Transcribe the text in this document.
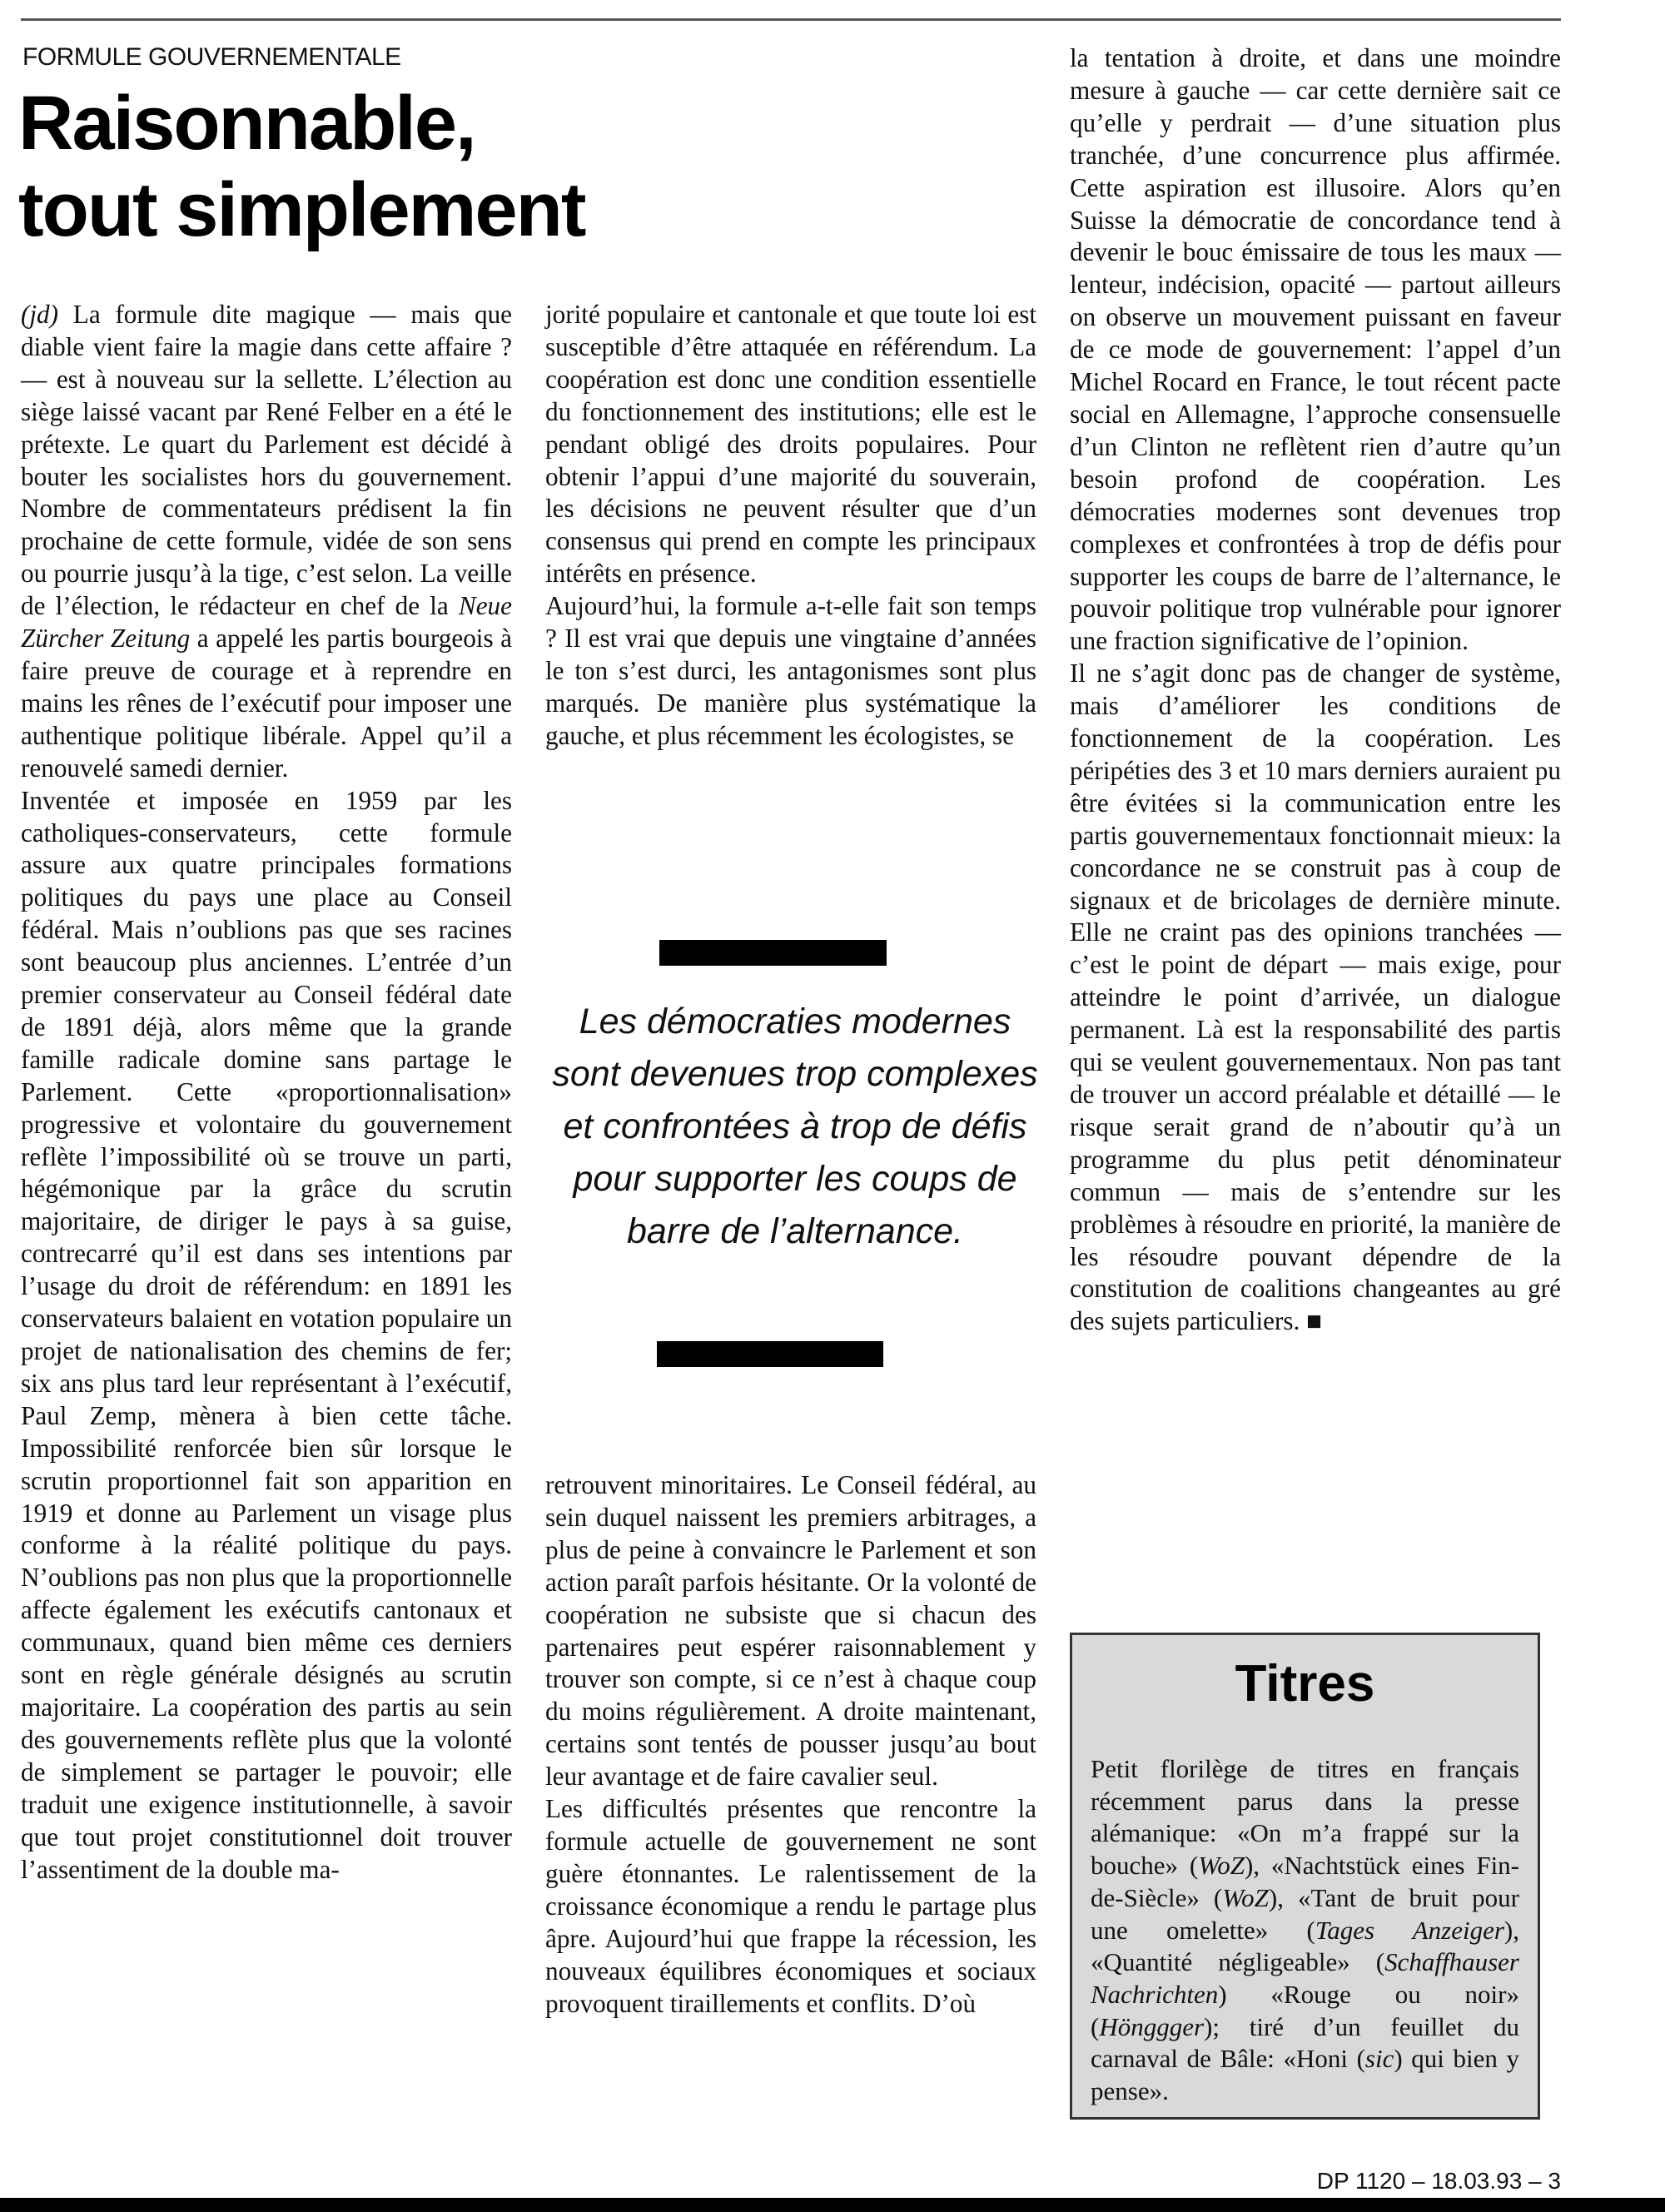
FORMULE GOUVERNEMENTALE
Raisonnable,
tout simplement

(jd) La formule dite magique — mais que diable vient faire la magie dans cette affaire ? — est à nouveau sur la sellette. L’élection au siège laissé vacant par René Felber en a été le prétexte. Le quart du Parlement est décidé à bouter les socialistes hors du gouvernement. Nombre de commentateurs prédisent la fin prochaine de cette formule, vidée de son sens ou pourrie jusqu’à la tige, c’est selon. La veille de l’élection, le rédacteur en chef de la Neue Zürcher Zeitung a appelé les partis bourgeois à faire preuve de courage et à reprendre en mains les rênes de l’exécutif pour imposer une authentique politique libérale. Appel qu’il a renouvelé samedi dernier.

Inventée et imposée en 1959 par les catholiques-conservateurs, cette formule assure aux quatre principales formations politiques du pays une place au Conseil fédéral. Mais n’oublions pas que ses racines sont beaucoup plus anciennes. L’entrée d’un premier conservateur au Conseil fédéral date de 1891 déjà, alors même que la grande famille radicale domine sans partage le Parlement. Cette «proportionnalisation» progressive et volontaire du gouvernement reflète l’impossibilité où se trouve un parti, hégémonique par la grâce du scrutin majoritaire, de diriger le pays à sa guise, contrecarré qu’il est dans ses intentions par l’usage du droit de référendum: en 1891 les conservateurs balaient en votation populaire un projet de nationalisation des chemins de fer; six ans plus tard leur représentant à l’exécutif, Paul Zemp, mènera à bien cette tâche. Impossibilité renforcée bien sûr lorsque le scrutin proportionnel fait son apparition en 1919 et donne au Parlement un visage plus conforme à la réalité politique du pays. N’oublions pas non plus que la proportionnelle affecte également les exécutifs cantonaux et communaux, quand bien même ces derniers sont en règle générale désignés au scrutin majoritaire. La coopération des partis au sein des gouvernements reflète plus que la volonté de simplement se partager le pouvoir; elle traduit une exigence institutionnelle, à savoir que tout projet constitutionnel doit trouver l’assentiment de la double ma-

jorité populaire et cantonale et que toute loi est susceptible d’être attaquée en référendum. La coopération est donc une condition essentielle du fonctionnement des institutions; elle est le pendant obligé des droits populaires. Pour obtenir l’appui d’une majorité du souverain, les décisions ne peuvent résulter que d’un consensus qui prend en compte les principaux intérêts en présence.

Aujourd’hui, la formule a-t-elle fait son temps ? Il est vrai que depuis une vingtaine d’années le ton s’est durci, les antagonismes sont plus marqués. De manière plus systématique la gauche, et plus récemment les écologistes, se

Les démocraties modernes sont devenues trop complexes et confrontées à trop de défis pour supporter les coups de barre de l’alternance.

retrouvent minoritaires. Le Conseil fédéral, au sein duquel naissent les premiers arbitrages, a plus de peine à convaincre le Parlement et son action paraît parfois hésitante. Or la volonté de coopération ne subsiste que si chacun des partenaires peut espérer raisonnablement y trouver son compte, si ce n’est à chaque coup du moins régulièrement. A droite maintenant, certains sont tentés de pousser jusqu’au bout leur avantage et de faire cavalier seul.

Les difficultés présentes que rencontre la formule actuelle de gouvernement ne sont guère étonnantes. Le ralentissement de la croissance économique a rendu le partage plus âpre. Aujourd’hui que frappe la récession, les nouveaux équilibres économiques et sociaux provoquent tiraillements et conflits. D’où

la tentation à droite, et dans une moindre mesure à gauche — car cette dernière sait ce qu’elle y perdrait — d’une situation plus tranchée, d’une concurrence plus affirmée. Cette aspiration est illusoire. Alors qu’en Suisse la démocratie de concordance tend à devenir le bouc émissaire de tous les maux — lenteur, indécision, opacité — partout ailleurs on observe un mouvement puissant en faveur de ce mode de gouvernement: l’appel d’un Michel Rocard en France, le tout récent pacte social en Allemagne, l’approche consensuelle d’un Clinton ne reflètent rien d’autre qu’un besoin profond de coopération. Les démocraties modernes sont devenues trop complexes et confrontées à trop de défis pour supporter les coups de barre de l’alternance, le pouvoir politique trop vulnérable pour ignorer une fraction significative de l’opinion.

Il ne s’agit donc pas de changer de système, mais d’améliorer les conditions de fonctionnement de la coopération. Les péripéties des 3 et 10 mars derniers auraient pu être évitées si la communication entre les partis gouvernementaux fonctionnait mieux: la concordance ne se construit pas à coup de signaux et de bricolages de dernière minute. Elle ne craint pas des opinions tranchées — c’est le point de départ — mais exige, pour atteindre le point d’arrivée, un dialogue permanent. Là est la responsabilité des partis qui se veulent gouvernementaux. Non pas tant de trouver un accord préalable et détaillé — le risque serait grand de n’aboutir qu’à un programme du plus petit dénominateur commun — mais de s’entendre sur les problèmes à résoudre en priorité, la manière de les résoudre pouvant dépendre de la constitution de coalitions changeantes au gré des sujets particuliers. ■

Titres

Petit florilège de titres en français récemment parus dans la presse alémanique: «On m’a frappé sur la bouche» (WoZ), «Nachtstück eines Fin-de-Siècle» (WoZ), «Tant de bruit pour une omelette» (Tages Anzeiger), «Quantité négligeable» (Schaffhauser Nachrichten) «Rouge ou noir» (Hönggger); tiré d’un feuillet du carnaval de Bâle: «Honi (sic) qui bien y pense».

DP 1120 – 18.03.93 – 3
